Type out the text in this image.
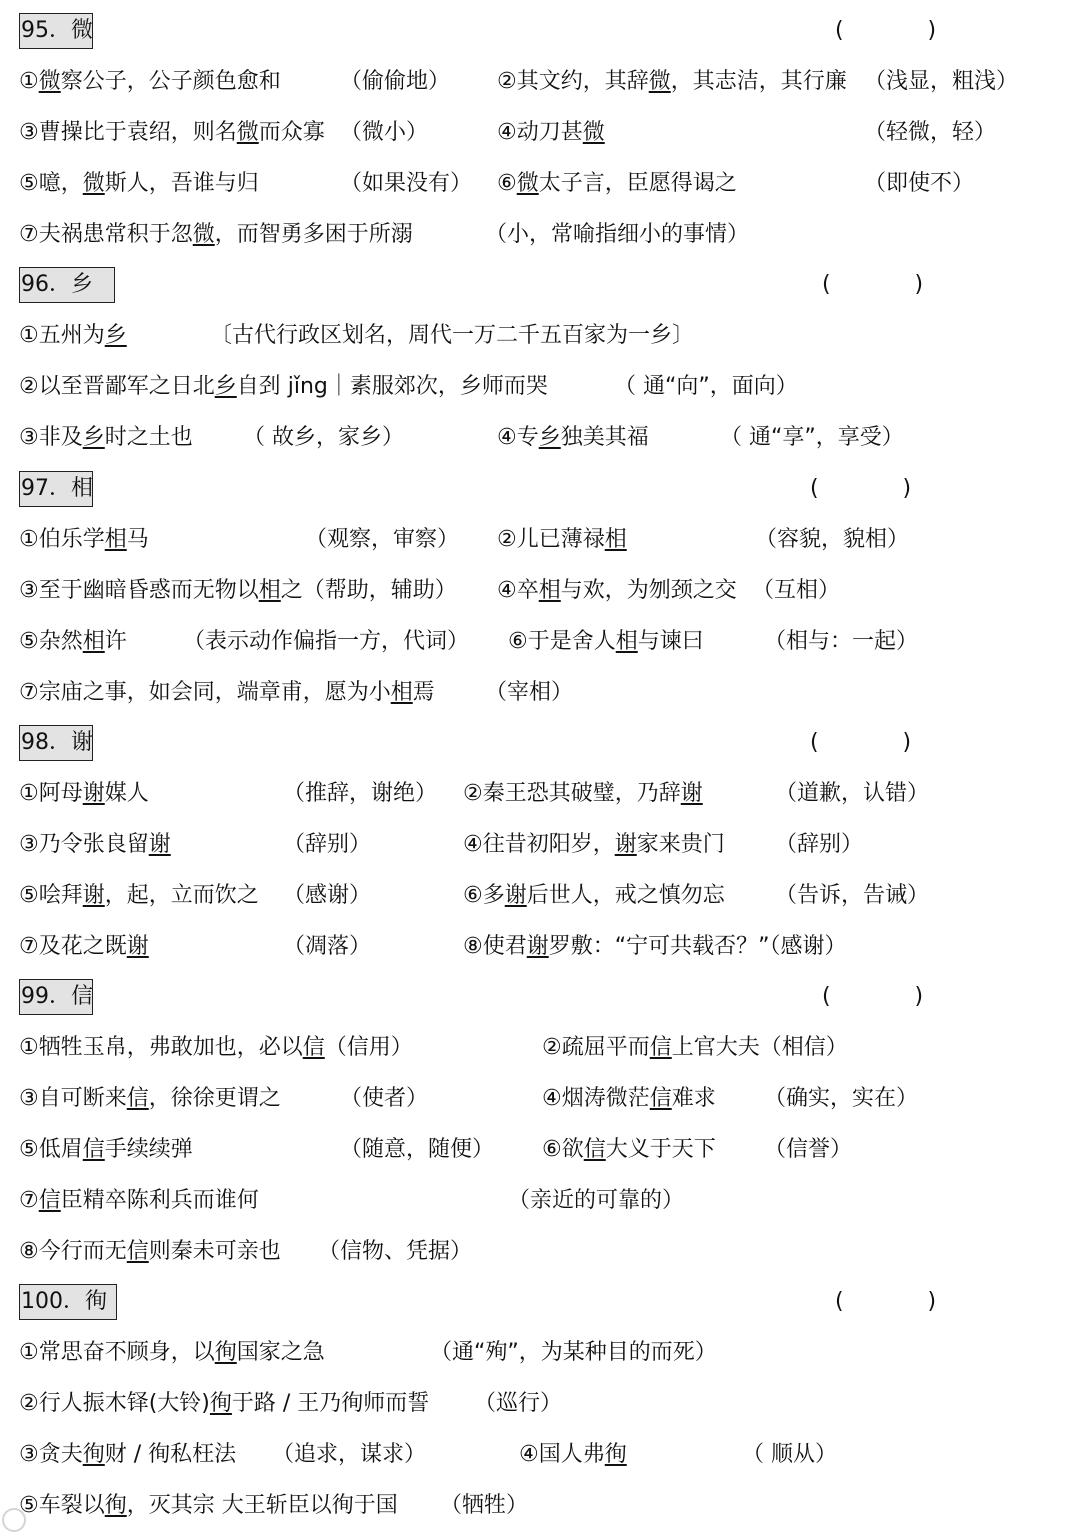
95．微	(            )
①微察公子，公子颜色愈和	（偷偷地） ②其文约，其辞微，其志洁，其行廉 （浅显，粗浅）
③曹操比于袁绍，则名微而众寡 （微小）	④动刀甚微	（轻微，轻）
⑤噫，微斯人，吾谁与归	（如果没有） ⑥微太子言，臣愿得谒之	（即使不）
⑦夫祸患常积于忽微，而智勇多困于所溺	（小，常喻指细小的事情）
96．乡	(            )
①五州为乡	〔古代行政区划名，周代一万二千五百家为一乡〕
②以至晋鄙军之日北乡自刭 jǐng｜素服郊次，乡师而哭	（ 通“向”，面向）
③非及乡时之土也 （ 故乡，家乡）	④专乡独美其福	（ 通“享”，享受）
97．相	(            )
①伯乐学相马	（观察，审察） ②儿已薄禄相	（容貌，貌相）
③至于幽暗昏惑而无物以相之（帮助，辅助） ④卒相与欢，为刎颈之交 （互相）
⑤杂然相许	（表示动作偏指一方，代词） ⑥于是舍人相与谏曰	（相与：一起）
⑦宗庙之事，如会同，端章甫，愿为小相焉 （宰相）
98．谢	(            )
①阿母谢媒人	（推辞，谢绝） ②秦王恐其破璧，乃辞谢	（道歉，认错）
③乃令张良留谢	（辞别）	④往昔初阳岁，谢家来贵门 （辞别）
⑤哙拜谢，起，立而饮之 （感谢）	⑥多谢后世人，戒之慎勿忘 （告诉，告诫）
⑦及花之既谢	（凋落）	⑧使君谢罗敷：“宁可共载否？”（感谢）
99．信	(            )
①牺牲玉帛，弗敢加也，必以信（信用）	②疏屈平而信上官大夫（相信）
③自可断来信，徐徐更谓之	（使者）	④烟涛微茫信难求 （确实，实在）
⑤低眉信手续续弹	（随意，随便） ⑥欲信大义于天下 （信誉）
⑦信臣精卒陈利兵而谁何	（亲近的可靠的）
⑧今行而无信则秦未可亲也 （信物、凭据）
100．徇	(            )
①常思奋不顾身，以徇国家之急	（通“殉”，为某种目的而死）
②行人振木铎(大铃)徇于路 / 王乃徇师而誓 （巡行）
③贪夫徇财 / 徇私枉法 （追求，谋求）	④国人弗徇	（ 顺从）
⑤车裂以徇，灭其宗 大王斩臣以徇于国 （牺牲）
